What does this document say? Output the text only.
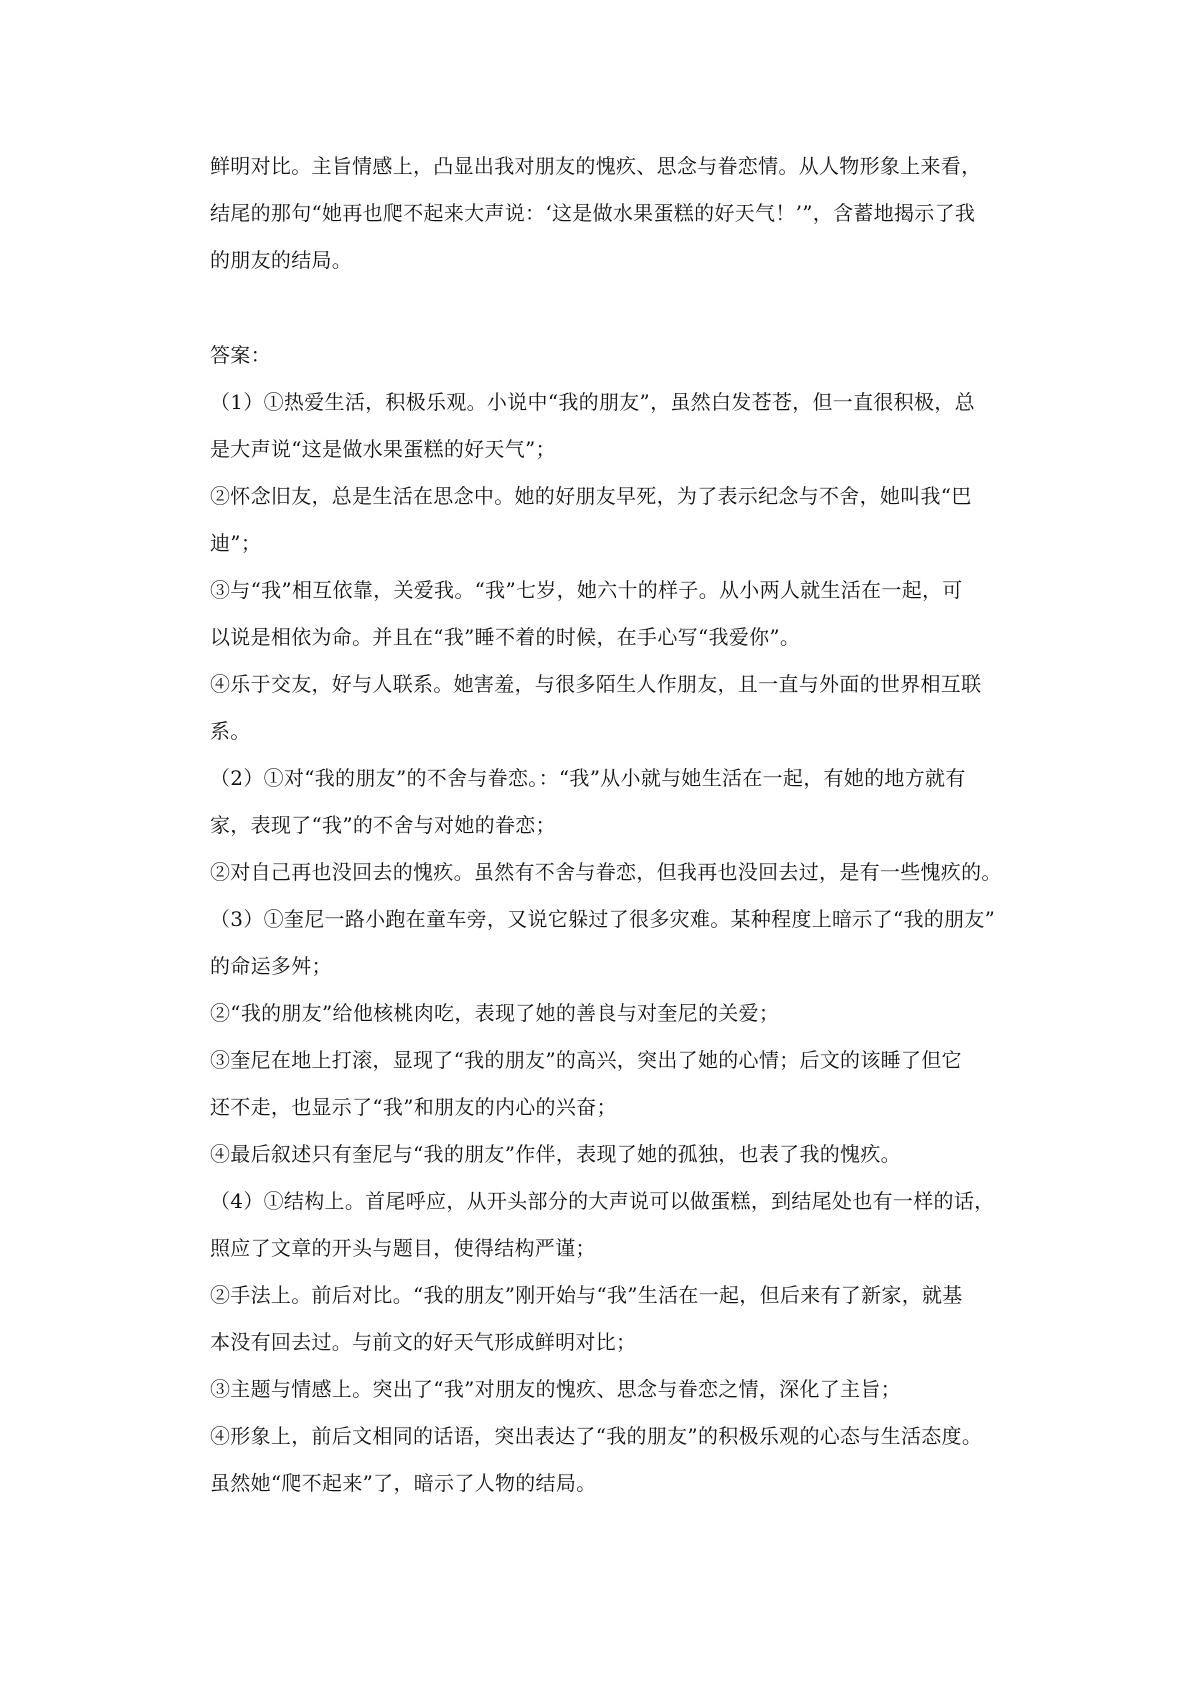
鲜明对比。主旨情感上，凸显出我对朋友的愧疚、思念与眷恋情。从人物形象上来看，
结尾的那句“她再也爬不起来大声说：‘这是做水果蛋糕的好天气！’”，含蓄地揭示了我
的朋友的结局。
答案：
（1）①热爱生活，积极乐观。小说中“我的朋友”，虽然白发苍苍，但一直很积极，总
是大声说“这是做水果蛋糕的好天气”；
②怀念旧友，总是生活在思念中。她的好朋友早死，为了表示纪念与不舍，她叫我“巴
迪”；
③与“我”相互依靠，关爱我。“我”七岁，她六十的样子。从小两人就生活在一起，可
以说是相依为命。并且在“我”睡不着的时候，在手心写“我爱你”。
④乐于交友，好与人联系。她害羞，与很多陌生人作朋友，且一直与外面的世界相互联
系。
（2）①对“我的朋友”的不舍与眷恋。：“我”从小就与她生活在一起，有她的地方就有
家，表现了“我”的不舍与对她的眷恋；
②对自己再也没回去的愧疚。虽然有不舍与眷恋，但我再也没回去过，是有一些愧疚的。
（3）①奎尼一路小跑在童车旁，又说它躲过了很多灾难。某种程度上暗示了“我的朋友”
的命运多舛；
②“我的朋友”给他核桃肉吃，表现了她的善良与对奎尼的关爱；
③奎尼在地上打滚，显现了“我的朋友”的高兴，突出了她的心情；后文的该睡了但它
还不走，也显示了“我”和朋友的内心的兴奋；
④最后叙述只有奎尼与“我的朋友”作伴，表现了她的孤独，也表了我的愧疚。
（4）①结构上。首尾呼应，从开头部分的大声说可以做蛋糕，到结尾处也有一样的话，
照应了文章的开头与题目，使得结构严谨；
②手法上。前后对比。“我的朋友”刚开始与“我”生活在一起，但后来有了新家，就基
本没有回去过。与前文的好天气形成鲜明对比；
③主题与情感上。突出了“我”对朋友的愧疚、思念与眷恋之情，深化了主旨；
④形象上，前后文相同的话语，突出表达了“我的朋友”的积极乐观的心态与生活态度。
虽然她“爬不起来”了，暗示了人物的结局。
